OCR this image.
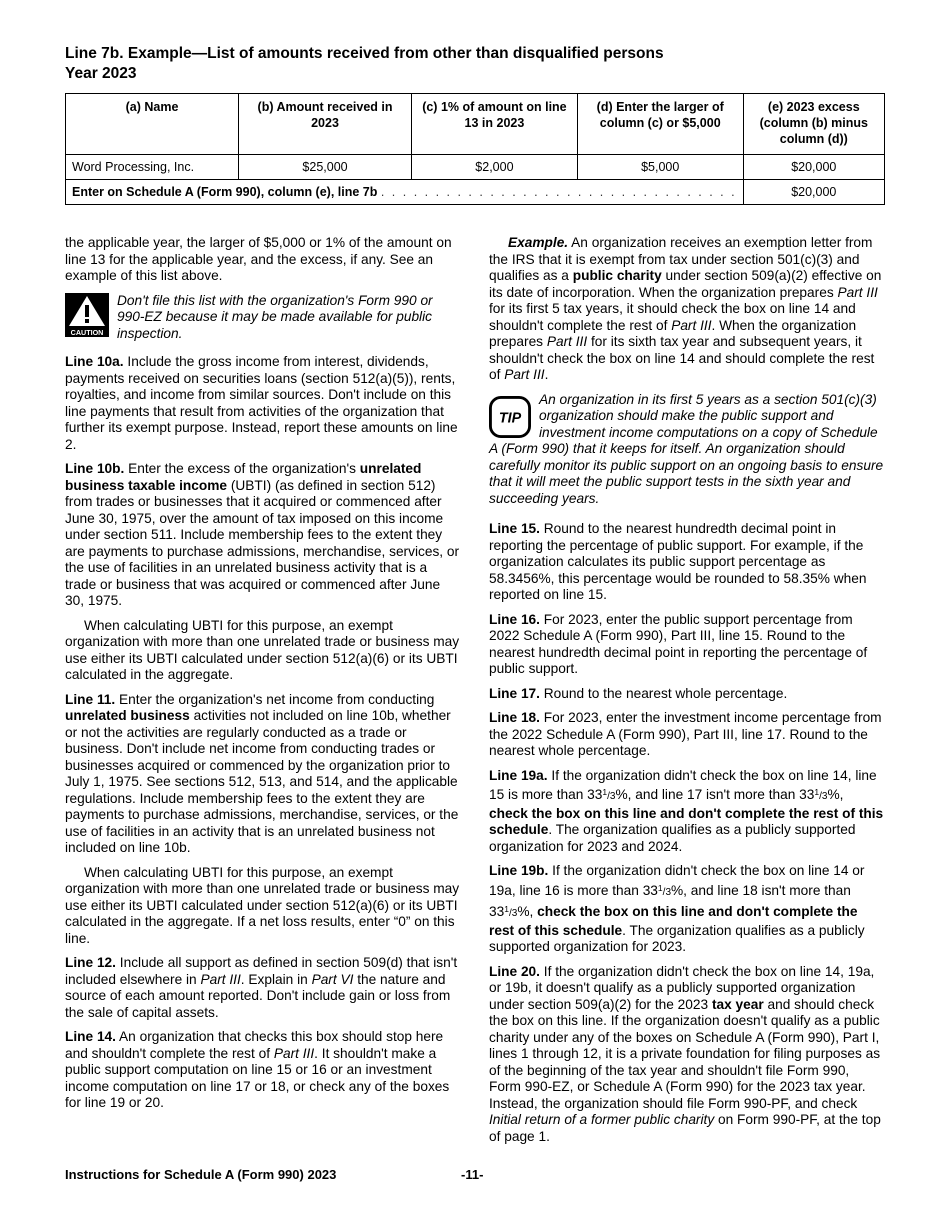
Line 7b. Example—List of amounts received from other than disqualified persons
Year 2023
(a) Name	(b) Amount received in 2023	(c) 1% of amount on line 13 in 2023	(d) Enter the larger of column (c) or $5,000	(e) 2023 excess (column (b) minus column (d))
Word Processing, Inc.	$25,000	$2,000	$5,000	$20,000
Enter on Schedule A (Form 990), column (e), line 7b . . . . . . . . . . . . . . . . . . . . . . . . . . . . . . . . .				$20,000

the applicable year, the larger of $5,000 or 1% of the amount on line 13 for the applicable year, and the excess, if any. See an example of this list above.

CAUTION
Don't file this list with the organization's Form 990 or 990-EZ because it may be made available for public inspection.

Line 10a. Include the gross income from interest, dividends, payments received on securities loans (section 512(a)(5)), rents, royalties, and income from similar sources. Don't include on this line payments that result from activities of the organization that further its exempt purpose. Instead, report these amounts on line 2.

Line 10b. Enter the excess of the organization's unrelated business taxable income (UBTI) (as defined in section 512) from trades or businesses that it acquired or commenced after June 30, 1975, over the amount of tax imposed on this income under section 511. Include membership fees to the extent they are payments to purchase admissions, merchandise, services, or the use of facilities in an unrelated business activity that is a trade or business that was acquired or commenced after June 30, 1975.

When calculating UBTI for this purpose, an exempt organization with more than one unrelated trade or business may use either its UBTI calculated under section 512(a)(6) or its UBTI calculated in the aggregate.

Line 11. Enter the organization's net income from conducting unrelated business activities not included on line 10b, whether or not the activities are regularly conducted as a trade or business. Don't include net income from conducting trades or businesses acquired or commenced by the organization prior to July 1, 1975. See sections 512, 513, and 514, and the applicable regulations. Include membership fees to the extent they are payments to purchase admissions, merchandise, services, or the use of facilities in an activity that is an unrelated business not included on line 10b.

When calculating UBTI for this purpose, an exempt organization with more than one unrelated trade or business may use either its UBTI calculated under section 512(a)(6) or its UBTI calculated in the aggregate. If a net loss results, enter “0” on this line.

Line 12. Include all support as defined in section 509(d) that isn't included elsewhere in Part III. Explain in Part VI the nature and source of each amount reported. Don't include gain or loss from the sale of capital assets.

Line 14. An organization that checks this box should stop here and shouldn't complete the rest of Part III. It shouldn't make a public support computation on line 15 or 16 or an investment income computation on line 17 or 18, or check any of the boxes for line 19 or 20.

Example. An organization receives an exemption letter from the IRS that it is exempt from tax under section 501(c)(3) and qualifies as a public charity under section 509(a)(2) effective on its date of incorporation. When the organization prepares Part III for its first 5 tax years, it should check the box on line 14 and shouldn't complete the rest of Part III. When the organization prepares Part III for its sixth tax year and subsequent years, it shouldn't check the box on line 14 and should complete the rest of Part III.

TIP
An organization in its first 5 years as a section 501(c)(3) organization should make the public support and investment income computations on a copy of Schedule A (Form 990) that it keeps for itself. An organization should carefully monitor its public support on an ongoing basis to ensure that it will meet the public support tests in the sixth year and succeeding years.

Line 15. Round to the nearest hundredth decimal point in reporting the percentage of public support. For example, if the organization calculates its public support percentage as 58.3456%, this percentage would be rounded to 58.35% when reported on line 15.

Line 16. For 2023, enter the public support percentage from 2022 Schedule A (Form 990), Part III, line 15. Round to the nearest hundredth decimal point in reporting the percentage of public support.

Line 17. Round to the nearest whole percentage.

Line 18. For 2023, enter the investment income percentage from the 2022 Schedule A (Form 990), Part III, line 17. Round to the nearest whole percentage.

Line 19a. If the organization didn't check the box on line 14, line 15 is more than $33^1/3\%$, and line 17 isn't more than $33^1/3\%$, check the box on this line and don't complete the rest of this schedule. The organization qualifies as a publicly supported organization for 2023 and 2024.

Line 19b. If the organization didn't check the box on line 14 or 19a, line 16 is more than $33^1/3\%$, and line 18 isn't more than $33^1/3\%$, check the box on this line and don't complete the rest of this schedule. The organization qualifies as a publicly supported organization for 2023.

Line 20. If the organization didn't check the box on line 14, 19a, or 19b, it doesn't qualify as a publicly supported organization under section 509(a)(2) for the 2023 tax year and should check the box on this line. If the organization doesn't qualify as a public charity under any of the boxes on Schedule A (Form 990), Part I, lines 1 through 12, it is a private foundation for filing purposes as of the beginning of the tax year and shouldn't file Form 990, Form 990-EZ, or Schedule A (Form 990) for the 2023 tax year. Instead, the organization should file Form 990-PF, and check Initial return of a former public charity on Form 990-PF, at the top of page 1.

Instructions for Schedule A (Form 990) 2023	-11-
